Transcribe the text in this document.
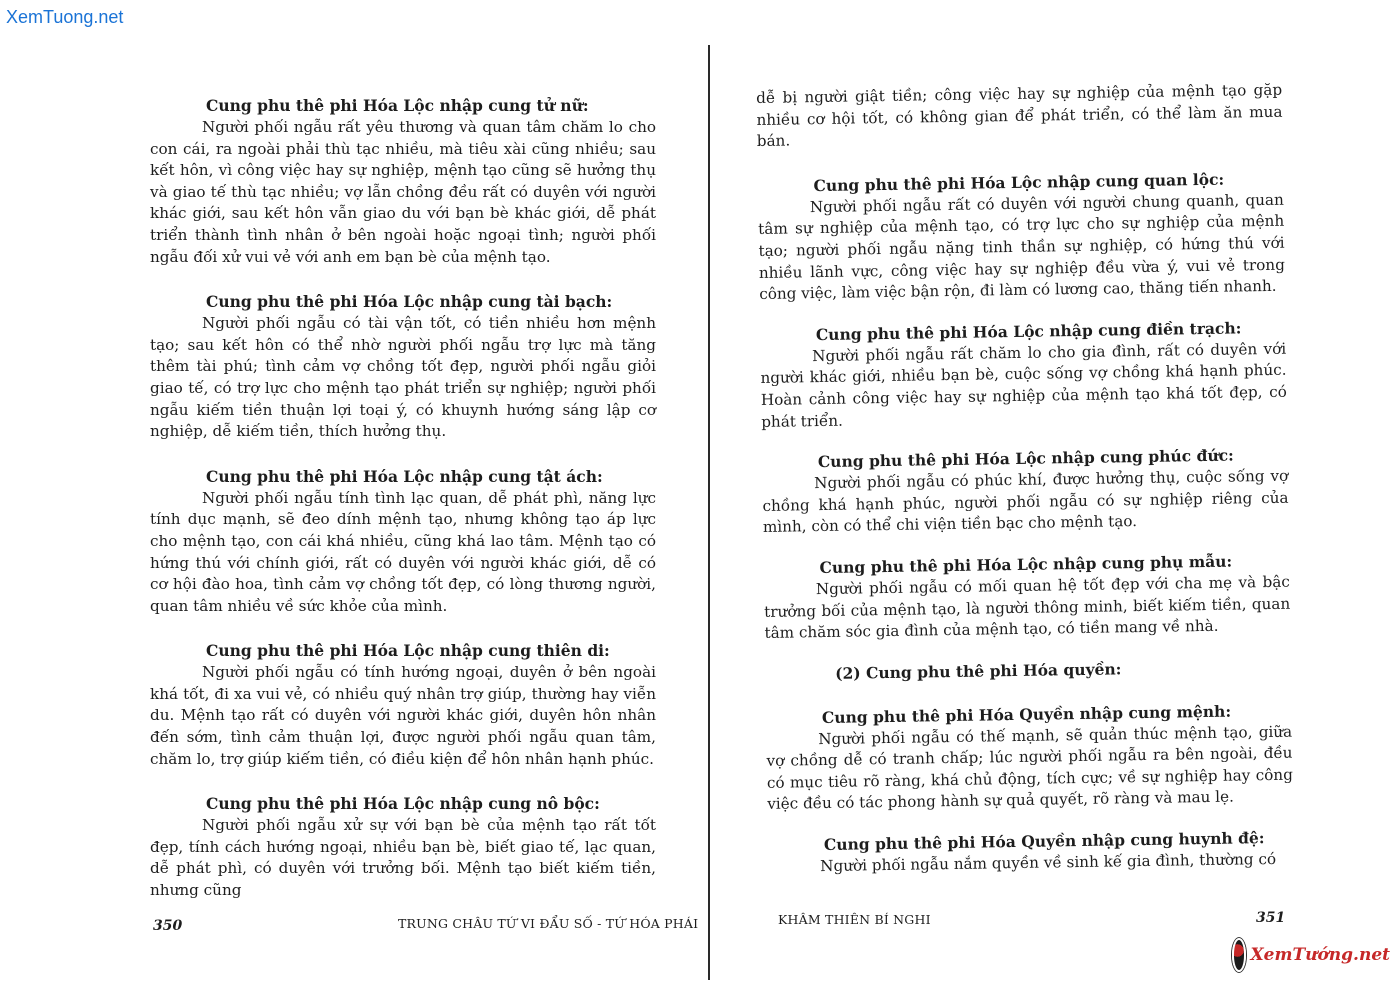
XemTuong.net

Cung phu thê phi Hóa Lộc nhập cung tử nữ:

Người phối ngẫu rất yêu thương và quan tâm chăm lo cho con cái, ra ngoài phải thù tạc nhiều, mà tiêu xài cũng nhiều; sau kết hôn, vì công việc hay sự nghiệp, mệnh tạo cũng sẽ hưởng thụ và giao tế thù tạc nhiều; vợ lẫn chồng đều rất có duyên với người khác giới, sau kết hôn vẫn giao du với bạn bè khác giới, dễ phát triển thành tình nhân ở bên ngoài hoặc ngoại tình; người phối ngẫu đối xử vui vẻ với anh em bạn bè của mệnh tạo.

Cung phu thê phi Hóa Lộc nhập cung tài bạch:

Người phối ngẫu có tài vận tốt, có tiền nhiều hơn mệnh tạo; sau kết hôn có thể nhờ người phối ngẫu trợ lực mà tăng thêm tài phú; tình cảm vợ chồng tốt đẹp, người phối ngẫu giỏi giao tế, có trợ lực cho mệnh tạo phát triển sự nghiệp; người phối ngẫu kiếm tiền thuận lợi toại ý, có khuynh hướng sáng lập cơ nghiệp, dễ kiếm tiền, thích hưởng thụ.

Cung phu thê phi Hóa Lộc nhập cung tật ách:

Người phối ngẫu tính tình lạc quan, dễ phát phì, năng lực tính dục mạnh, sẽ đeo dính mệnh tạo, nhưng không tạo áp lực cho mệnh tạo, con cái khá nhiều, cũng khá lao tâm. Mệnh tạo có hứng thú với chính giới, rất có duyên với người khác giới, dễ có cơ hội đào hoa, tình cảm vợ chồng tốt đẹp, có lòng thương người, quan tâm nhiều về sức khỏe của mình.

Cung phu thê phi Hóa Lộc nhập cung thiên di:

Người phối ngẫu có tính hướng ngoại, duyên ở bên ngoài khá tốt, đi xa vui vẻ, có nhiều quý nhân trợ giúp, thường hay viễn du. Mệnh tạo rất có duyên với người khác giới, duyên hôn nhân đến sớm, tình cảm thuận lợi, được người phối ngẫu quan tâm, chăm lo, trợ giúp kiếm tiền, có điều kiện để hôn nhân hạnh phúc.

Cung phu thê phi Hóa Lộc nhập cung nô bộc:

Người phối ngẫu xử sự với bạn bè của mệnh tạo rất tốt đẹp, tính cách hướng ngoại, nhiều bạn bè, biết giao tế, lạc quan, dễ phát phì, có duyên với trưởng bối. Mệnh tạo biết kiếm tiền, nhưng cũng

350	TRUNG CHÂU TỨ VI ĐẨU SỐ - TỨ HÓA PHÁI

dễ bị người giật tiền; công việc hay sự nghiệp của mệnh tạo gặp nhiều cơ hội tốt, có không gian để phát triển, có thể làm ăn mua bán.

Cung phu thê phi Hóa Lộc nhập cung quan lộc:

Người phối ngẫu rất có duyên với người chung quanh, quan tâm sự nghiệp của mệnh tạo, có trợ lực cho sự nghiệp của mệnh tạo; người phối ngẫu nặng tinh thần sự nghiệp, có hứng thú với nhiều lãnh vực, công việc hay sự nghiệp đều vừa ý, vui vẻ trong công việc, làm việc bận rộn, đi làm có lương cao, thăng tiến nhanh.

Cung phu thê phi Hóa Lộc nhập cung điền trạch:

Người phối ngẫu rất chăm lo cho gia đình, rất có duyên với người khác giới, nhiều bạn bè, cuộc sống vợ chồng khá hạnh phúc. Hoàn cảnh công việc hay sự nghiệp của mệnh tạo khá tốt đẹp, có phát triển.

Cung phu thê phi Hóa Lộc nhập cung phúc đức:

Người phối ngẫu có phúc khí, được hưởng thụ, cuộc sống vợ chồng khá hạnh phúc, người phối ngẫu có sự nghiệp riêng của mình, còn có thể chi viện tiền bạc cho mệnh tạo.

Cung phu thê phi Hóa Lộc nhập cung phụ mẫu:

Người phối ngẫu có mối quan hệ tốt đẹp với cha mẹ và bậc trưởng bối của mệnh tạo, là người thông minh, biết kiếm tiền, quan tâm chăm sóc gia đình của mệnh tạo, có tiền mang về nhà.

(2) Cung phu thê phi Hóa quyền:

Cung phu thê phi Hóa Quyền nhập cung mệnh:

Người phối ngẫu có thế mạnh, sẽ quản thúc mệnh tạo, giữa vợ chồng dễ có tranh chấp; lúc người phối ngẫu ra bên ngoài, đều có mục tiêu rõ ràng, khá chủ động, tích cực; về sự nghiệp hay công việc đều có tác phong hành sự quả quyết, rõ ràng và mau lẹ.

Cung phu thê phi Hóa Quyền nhập cung huynh đệ:

Người phối ngẫu nắm quyền về sinh kế gia đình, thường có

KHÂM THIÊN BÍ NGHI	351
XemTướng.net
